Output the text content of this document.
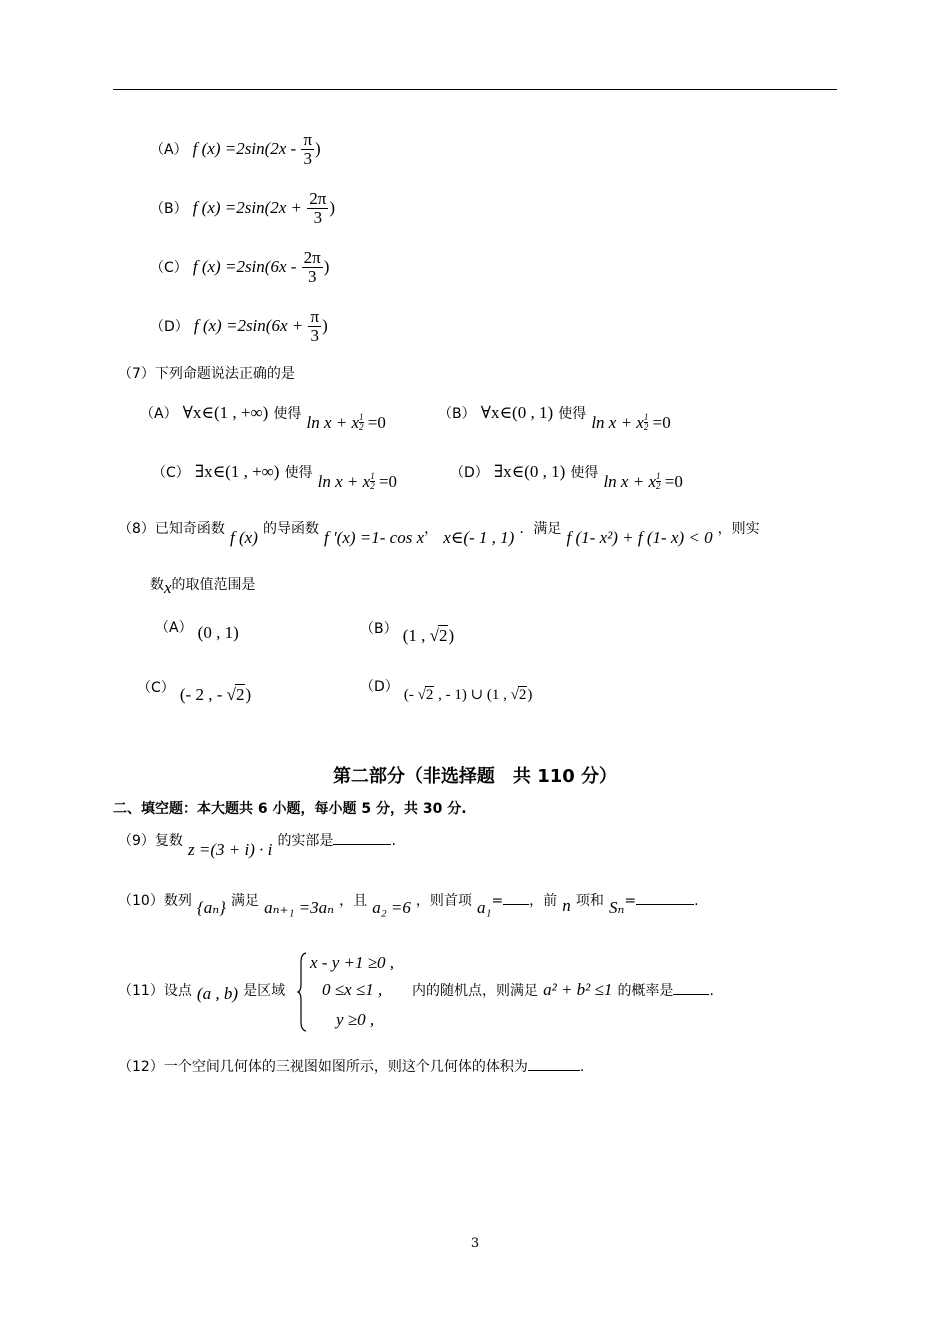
（A） f $(x) =2\sin(2x - \frac{\pi}{3}$ )
（B） f $(x) =2\sin(2x + \frac{2\pi}{3}$ )
（C） f $(x) =2\sin(6x - \frac{2\pi}{3}$ )
（D） f $(x) =2\sin(6x + \frac{\pi}{3}$ )
（7）下列命题说法正确的是
（A） ∀x∈(1 , +∞) 使得 ln x + x $^{\frac{1}{2}}$ =0	（B） ∀x∈(0 , 1) 使得 ln x + x $^{\frac{1}{2}}$ =0
（C） ∃x∈(1 , +∞) 使得 ln x + x $^{\frac{1}{2}}$ =0	（D） ∃x∈(0 , 1) 使得 ln x + x $^{\frac{1}{2}}$ =0
（8）已知奇函数 f (x) 的导函数 f '(x) =1- cos x， x∈(- 1 , 1) ．满足 f (1- x²) + f (1- x) < 0 ，则实
数x的取值范围是
（A） (0 , 1)	（B） (1 , √2)
（C） (- 2 , - √2)	（D） (- √2 , - 1) ∪ (1 , √2)
第二部分（非选择题　共 110 分）
二、填空题：本大题共 6 小题，每小题 5 分，共 30 分.
（9）复数 z =(3 + i) · i 的实部是	.
（10）数列 {aₙ} 满足 aₙ₊₁ =3aₙ ，且 a₂ =6 ，则首项 a₁= ，前 n 项和 Sₙ=	.
（11）设点 (a , b) 是区域
x - y +1 ≥0 ,
0 ≤x ≤1 ,
y ≥0 ,
内的随机点，则满足 a² + b² ≤1 的概率是	.
（12）一个空间几何体的三视图如图所示，则这个几何体的体积为	.
3
